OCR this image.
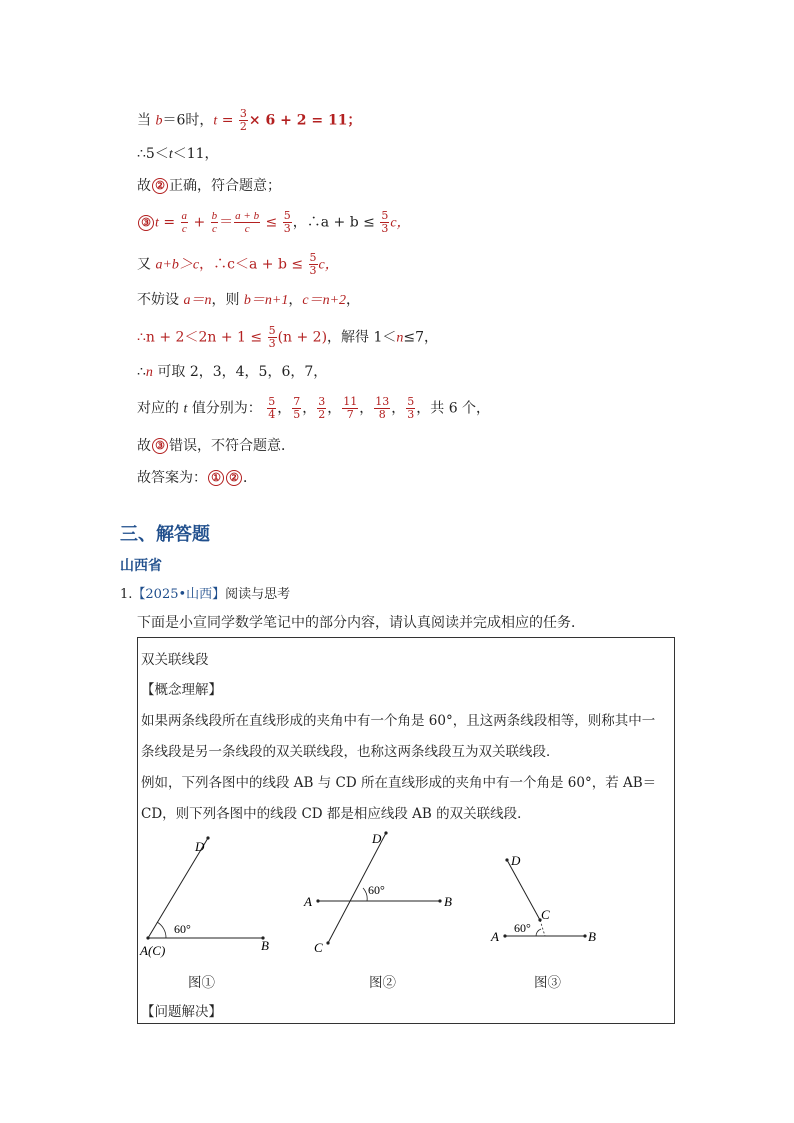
当 b＝6时，$t = \frac{3}{2} \times 6 + 2 = 11$；
∴5＜t＜11，
故 ② 正确，符合题意；
③ $t = \frac{a}{c} + \frac{b}{c} = \frac{a + b}{c} \le \frac{5}{3}$ ，∴a + $b \le \frac{5}{3}$ c，
又 a+b＞c，∴c＜a + $b \le \frac{5}{3}$ c，
不妨设 a＝n，则 b＝n+1，c＝n+2，
∴n + $2<2n + 1 \le \frac{5}{3} (n + 2)$，解得 1＜n≤7，
∴n 可取 2，3，4，5，6，7，
对应的 t 值分别为： $\frac{5}{4}$ ， $\frac{7}{5}$ ， $\frac{3}{2}$ ， $\frac{11}{7}$ ， $\frac{13}{8}$ ， $\frac{5}{3}$ ，共 6 个，
故 ③ 错误，不符合题意．
故答案为： ① ② ．
三、解答题
山西省
1.【2025•山西】阅读与思考
下面是小宣同学数学笔记中的部分内容，请认真阅读并完成相应的任务．
双关联线段
【概念理解】
如果两条线段所在直线形成的夹角中有一个角是 60°，且这两条线段相等，则称其中一
条线段是另一条线段的双关联线段，也称这两条线段互为双关联线段．
例如，下列各图中的线段 AB 与 CD 所在直线形成的夹角中有一个角是 60°，若 AB＝
CD，则下列各图中的线段 CD 都是相应线段 AB 的双关联线段．
D
A(C)	B
60°
D
A	B
C
60°
D
A	B
C
60°
图①	图②	图③
【问题解决】
